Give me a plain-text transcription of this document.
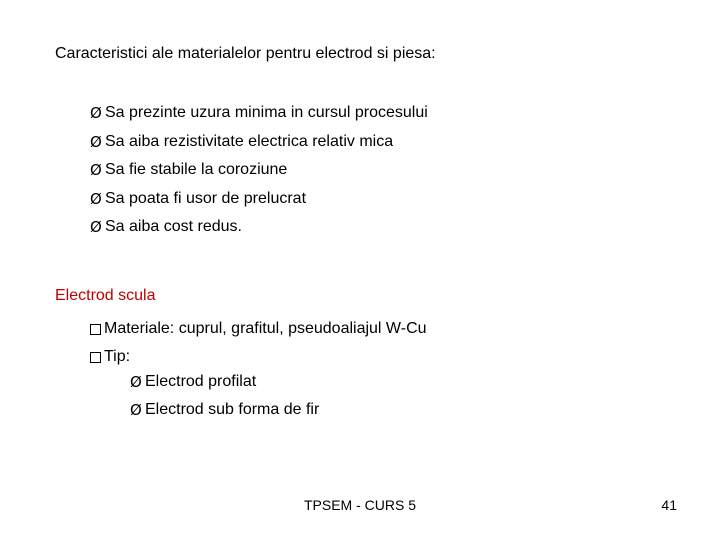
Caracteristici ale materialelor pentru electrod si piesa:
Ø Sa prezinte uzura minima in cursul procesului
Ø Sa aiba rezistivitate electrica relativ mica
Ø Sa fie stabile la coroziune
Ø Sa poata fi usor de prelucrat
Ø Sa aiba cost redus.
Electrod scula
Materiale: cuprul, grafitul, pseudoaliajul W-Cu
Tip:
Ø Electrod profilat
Ø Electrod sub forma de fir
TPSEM - CURS 5	41
